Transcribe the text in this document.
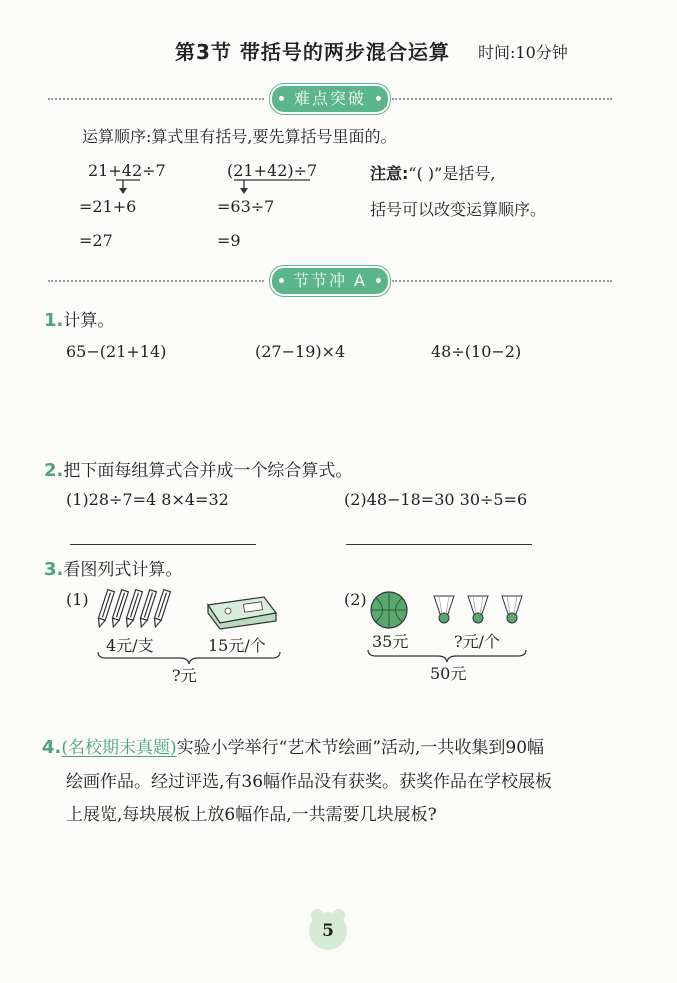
第3节 带括号的两步混合运算 时间:10分钟
难点突破
运算顺序:算式里有括号,要先算括号里面的。
21+42÷7
=21+6
=27
(21+42)÷7
=63÷7
=9
注意:“( )”是括号,
括号可以改变运算顺序。
节节冲 A
1.计算。
65−(21+14)	(27−19)×4	48÷(10−2)
2.把下面每组算式合并成一个综合算式。
(1)28÷7=4 8×4=32	(2)48−18=30 30÷5=6
3.看图列式计算。
(1)
4元/支	15元/个
?元
(2)
35元	?元/个
50元
4.(名校期末真题)实验小学举行“艺术节绘画”活动,一共收集到90幅
绘画作品。经过评选,有36幅作品没有获奖。获奖作品在学校展板
上展览,每块展板上放6幅作品,一共需要几块展板?
5
